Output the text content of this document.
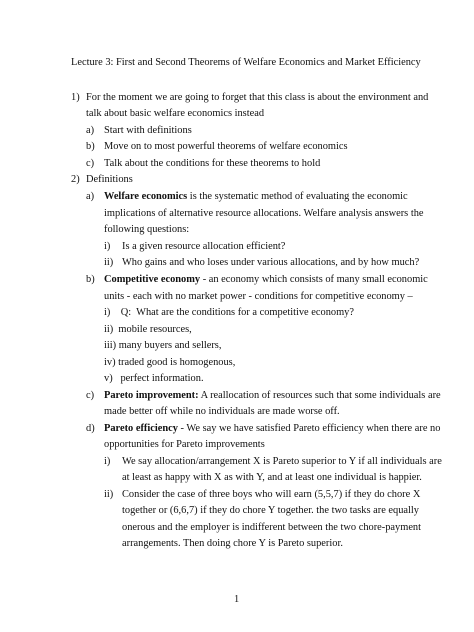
Lecture 3: First and Second Theorems of Welfare Economics and Market Efficiency
1) For the moment we are going to forget that this class is about the environment and
talk about basic welfare economics instead
a) Start with definitions
b) Move on to most powerful theorems of welfare economics
c) Talk about the conditions for these theorems to hold
2) Definitions
a) Welfare economics is the systematic method of evaluating the economic
implications of alternative resource allocations. Welfare analysis answers the
following questions:
i) Is a given resource allocation efficient?
ii) Who gains and who loses under various allocations, and by how much?
b) Competitive economy - an economy which consists of many small economic
units - each with no market power - conditions for competitive economy –
i)    Q:  What are the conditions for a competitive economy?
ii)  mobile resources,
iii) many buyers and sellers,
iv) traded good is homogenous,
v)   perfect information.
c) Pareto improvement: A reallocation of resources such that some individuals are
made better off while no individuals are made worse off.
d) Pareto efficiency - We say we have satisfied Pareto efficiency when there are no
opportunities for Pareto improvements
i) We say allocation/arrangement X is Pareto superior to Y if all individuals are
at least as happy with X as with Y, and at least one individual is happier.
ii) Consider the case of three boys who will earn (5,5,7) if they do chore X
together or (6,6,7) if they do chore Y together. the two tasks are equally
onerous and the employer is indifferent between the two chore-payment
arrangements. Then doing chore Y is Pareto superior.
1
